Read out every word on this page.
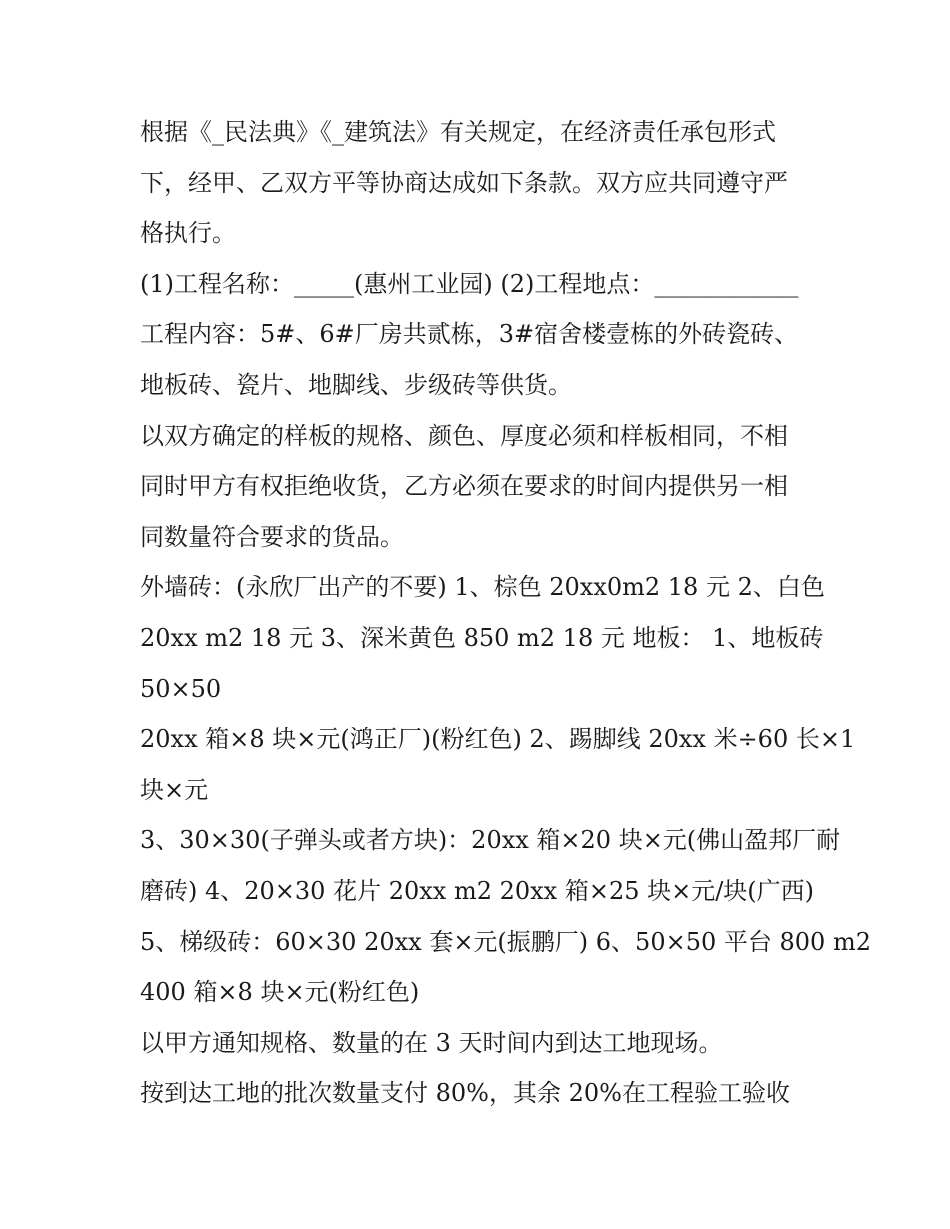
根据《_民法典》《_建筑法》有关规定，在经济责任承包形式
下，经甲、乙双方平等协商达成如下条款。双方应共同遵守严
格执行。
(1)工程名称：_____(惠州工业园) (2)工程地点：____________
工程内容：5#、6#厂房共贰栋，3#宿舍楼壹栋的外砖瓷砖、
地板砖、瓷片、地脚线、步级砖等供货。
以双方确定的样板的规格、颜色、厚度必须和样板相同，不相
同时甲方有权拒绝收货，乙方必须在要求的时间内提供另一相
同数量符合要求的货品。
外墙砖：(永欣厂出产的不要) 1、棕色 20xx0m2 18 元 2、白色
20xx m2 18 元 3、深米黄色 850 m2 18 元 地板： 1、地板砖
50×50
20xx 箱×8 块×元(鸿正厂)(粉红色) 2、踢脚线 20xx 米÷60 长×1
块×元
3、30×30(子弹头或者方块)：20xx 箱×20 块×元(佛山盈邦厂耐
磨砖) 4、20×30 花片 20xx m2 20xx 箱×25 块×元/块(广西)
5、梯级砖：60×30 20xx 套×元(振鹏厂) 6、50×50 平台 800 m2
400 箱×8 块×元(粉红色)
以甲方通知规格、数量的在 3 天时间内到达工地现场。
按到达工地的批次数量支付 80%，其余 20%在工程验工验收
